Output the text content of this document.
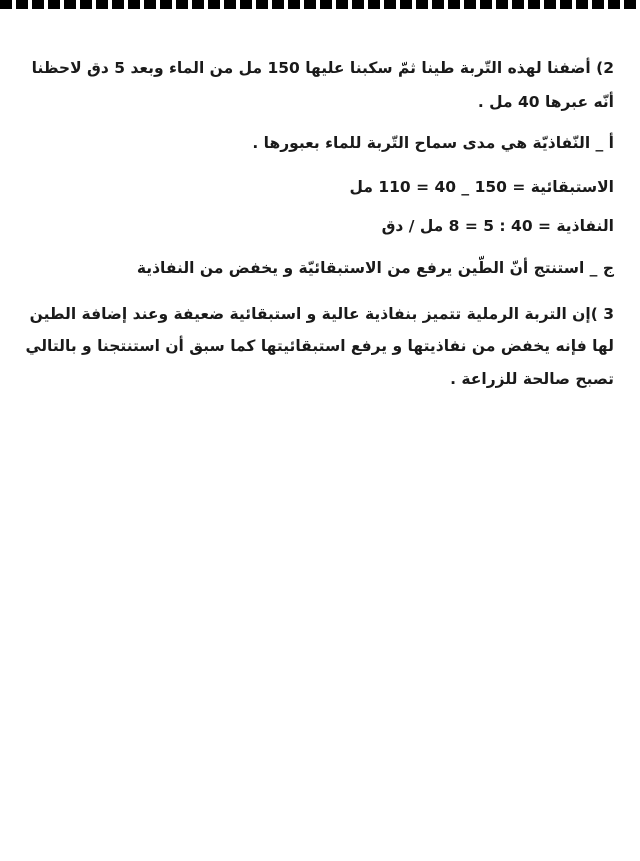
2) أضفنا لهذه التّربة طينا ثمّ سكبنا عليها 150 مل من الماء وبعد 5 دق لاحظنا
أنّه عبرها 40 مل .
أ _ النّفاذيّة هي مدى سماح التّربة للماء بعبورها .
الاستبقائية = 150 _ 40 = 110 مل
النفاذية = 40 : 5 = 8 مل / دق
ج _ استنتج أنّ الطّين يرفع من الاستبقائيّة و يخفض من النفاذية
3 )إن التربة الرملية تتميز بنفاذية عالية و استبقائية ضعيفة وعند إضافة الطين
لها فإنه يخفض من نفاذيتها و يرفع استبقائيتها كما سبق أن استنتجنا و بالتالي
تصبح صالحة للزراعة .
